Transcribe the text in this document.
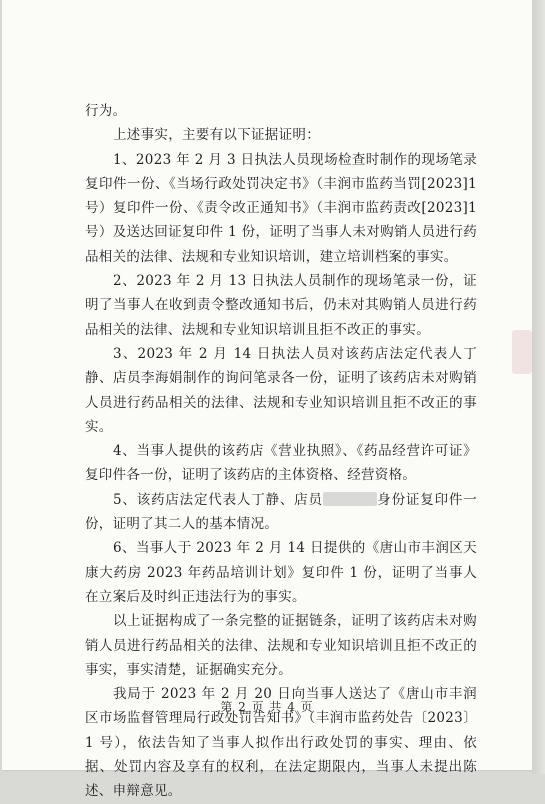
行为。

上述事实，主要有以下证据证明：

1、2023 年 2 月 3 日执法人员现场检查时制作的现场笔录复印件一份、《当场行政处罚决定书》（丰润市监药当罚[2023]1 号）复印件一份、《责令改正通知书》（丰润市监药责改[2023]1 号）及送达回证复印件 1 份，证明了当事人未对购销人员进行药品相关的法律、法规和专业知识培训，建立培训档案的事实。

2、2023 年 2 月 13 日执法人员制作的现场笔录一份，证明了当事人在收到责令整改通知书后，仍未对其购销人员进行药品相关的法律、法规和专业知识培训且拒不改正的事实。

3、2023 年 2 月 14 日执法人员对该药店法定代表人丁静、店员李海娟制作的询问笔录各一份，证明了该药店未对购销人员进行药品相关的法律、法规和专业知识培训且拒不改正的事实。

4、当事人提供的该药店《营业执照》、《药品经营许可证》复印件各一份，证明了该药店的主体资格、经营资格。

5、该药店法定代表人丁静、店员	身份证复印件一份，证明了其二人的基本情况。

6、当事人于 2023 年 2 月 14 日提供的《唐山市丰润区天康大药房 2023 年药品培训计划》复印件 1 份，证明了当事人在立案后及时纠正违法行为的事实。

以上证据构成了一条完整的证据链条，证明了该药店未对购销人员进行药品相关的法律、法规和专业知识培训且拒不改正的事实，事实清楚，证据确实充分。

我局于 2023 年 2 月 20 日向当事人送达了《唐山市丰润区市场监督管理局行政处罚告知书》（丰润市监药处告〔2023〕1 号），依法告知了当事人拟作出行政处罚的事实、理由、依据、处罚内容及享有的权利，在法定期限内，当事人未提出陈述、申辩意见。

第 2 页 共 4 页
